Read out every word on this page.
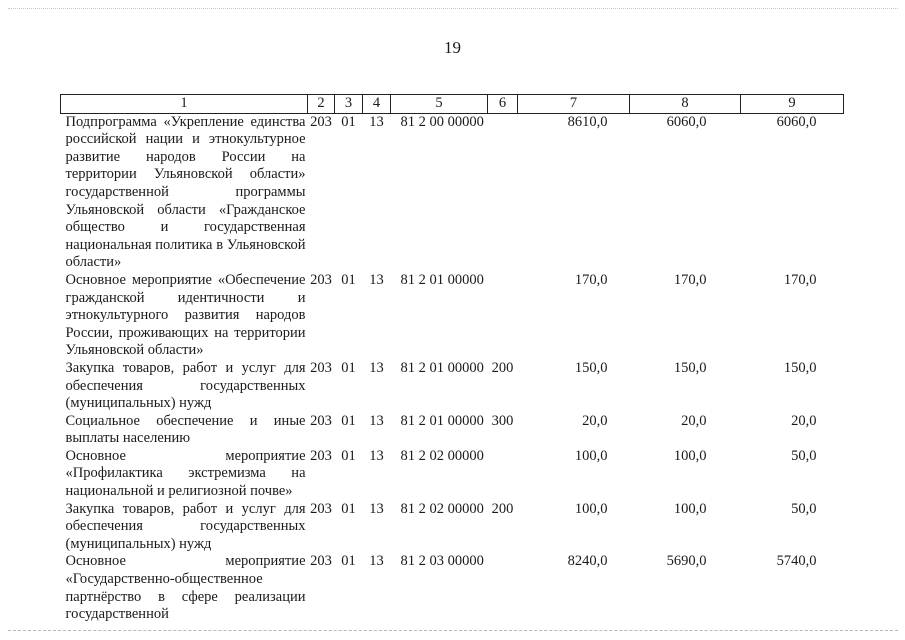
19
1	2	3	4	5	6	7	8	9
Подпрограмма «Укрепление единства российской нации и этнокультурное развитие народов России на территории Ульяновской области» государственной программы Ульяновской области «Гражданское общество и государственная национальная политика в Ульяновской области»	203	01	13	81 2 00 00000		8610,0	6060,0	6060,0
Основное мероприятие «Обеспечение гражданской идентичности и этнокультурного развития народов России, проживающих на территории Ульяновской области»	203	01	13	81 2 01 00000		170,0	170,0	170,0
Закупка товаров, работ и услуг для обеспечения государственных (муниципальных) нужд	203	01	13	81 2 01 00000	200	150,0	150,0	150,0
Социальное обеспечение и иные выплаты населению	203	01	13	81 2 01 00000	300	20,0	20,0	20,0
Основное мероприятие «Профилактика экстремизма на национальной и религиозной почве»	203	01	13	81 2 02 00000		100,0	100,0	50,0
Закупка товаров, работ и услуг для обеспечения государственных (муниципальных) нужд	203	01	13	81 2 02 00000	200	100,0	100,0	50,0
Основное мероприятие «Государственно-общественное партнёрство в сфере реализации государственной	203	01	13	81 2 03 00000		8240,0	5690,0	5740,0
